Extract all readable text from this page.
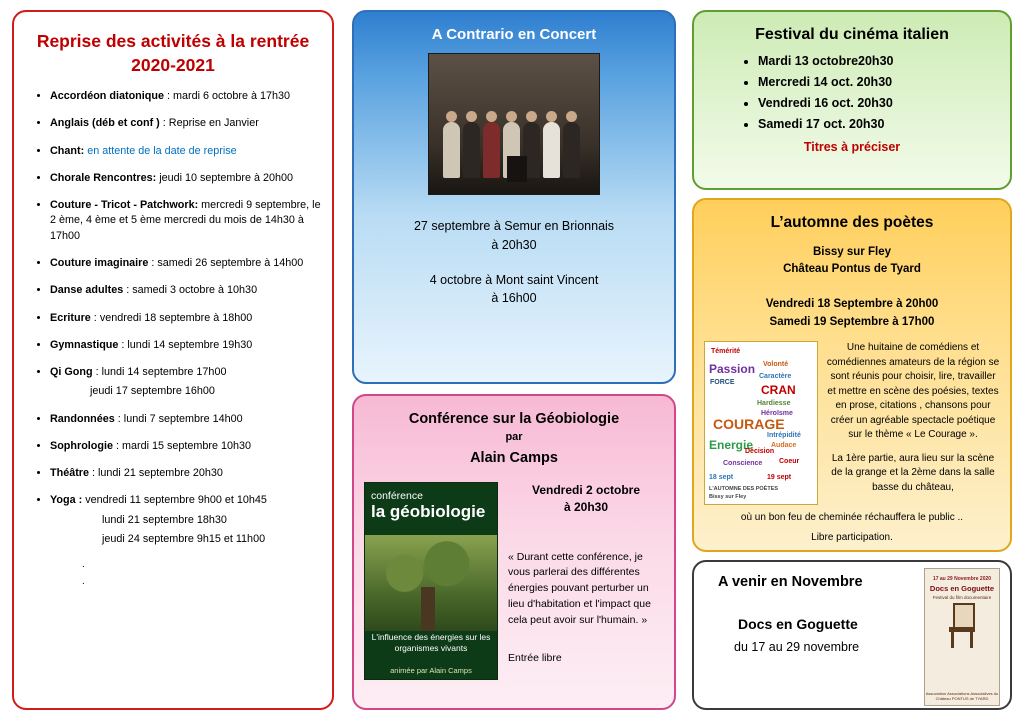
Reprise des activités à la rentrée
2020-2021
• Accordéon diatonique : mardi 6 octobre à 17h30
• Anglais (déb et conf ) : Reprise en Janvier
• Chant: en attente de la date de reprise
• Chorale Rencontres: jeudi 10 septembre à 20h00
• Couture - Tricot - Patchwork: mercredi 9 septembre, le 2 ème, 4 ème et 5 ème mercredi du mois de 14h30 à 17h00
• Couture imaginaire : samedi 26 septembre à 14h00
• Danse adultes : samedi 3 octobre à 10h30
• Ecriture : vendredi 18 septembre à 18h00
• Gymnastique : lundi 14 septembre 19h30
• Qi Gong : lundi 14 septembre 17h00
jeudi 17 septembre 16h00
• Randonnées : lundi 7 septembre 14h00
• Sophrologie : mardi 15 septembre 10h30
• Théâtre : lundi 21 septembre 20h30
• Yoga : vendredi 11 septembre 9h00 et 10h45
lundi 21 septembre 18h30
jeudi 24 septembre 9h15 et 11h00
.
.
A Contrario en Concert
27 septembre à Semur en Brionnais
à 20h30
4 octobre à Mont saint Vincent
à 16h00
Conférence sur la Géobiologie
par
Alain Camps
conférence
la géobiologie
L'influence des énergies sur les organismes vivants
animée par Alain Camps
Vendredi 2 octobre
à 20h30
« Durant cette conférence, je vous parlerai des différentes énergies pouvant perturber un lieu d'habitation et l'impact que cela peut avoir sur l'humain. »
Entrée libre
Festival du cinéma italien
• Mardi 13 octobre20h30
• Mercredi 14 oct. 20h30
• Vendredi 16 oct. 20h30
• Samedi 17 oct. 20h30
Titres à préciser
L’automne des poètes
Bissy sur Fley
Château Pontus de Tyard
Vendredi 18 Septembre à 20h00
Samedi 19 Septembre à 17h00
Témérité
Passion Volonté
Caractère
FORCE
CRAN
Hardiesse
Héroïsme
COURAGE
Intrépidité
Energie
Décision
Audace
Conscience Coeur
18 sept	19 sept
L'AUTOMNE DES POÈTES
Bissy sur Fley

Une huitaine de comédiens et comédiennes amateurs de la région se sont réunis pour choisir, lire, travailler et mettre en scène des poésies, textes en prose, citations , chansons pour créer un agréable spectacle poétique sur le thème « Le Courage ».

La 1ère partie, aura lieu sur la scène de la grange et la 2ème dans la salle basse du château,

où un bon feu de cheminée réchauffera le public ..
Libre participation.
A venir en Novembre
Docs en Goguette
du 17 au 29 novembre
17 au 29 Novembre 2020
Docs en Goguette
Festival du film documentaire
Association Associations Associatives du Château PONTUS de TYARD
